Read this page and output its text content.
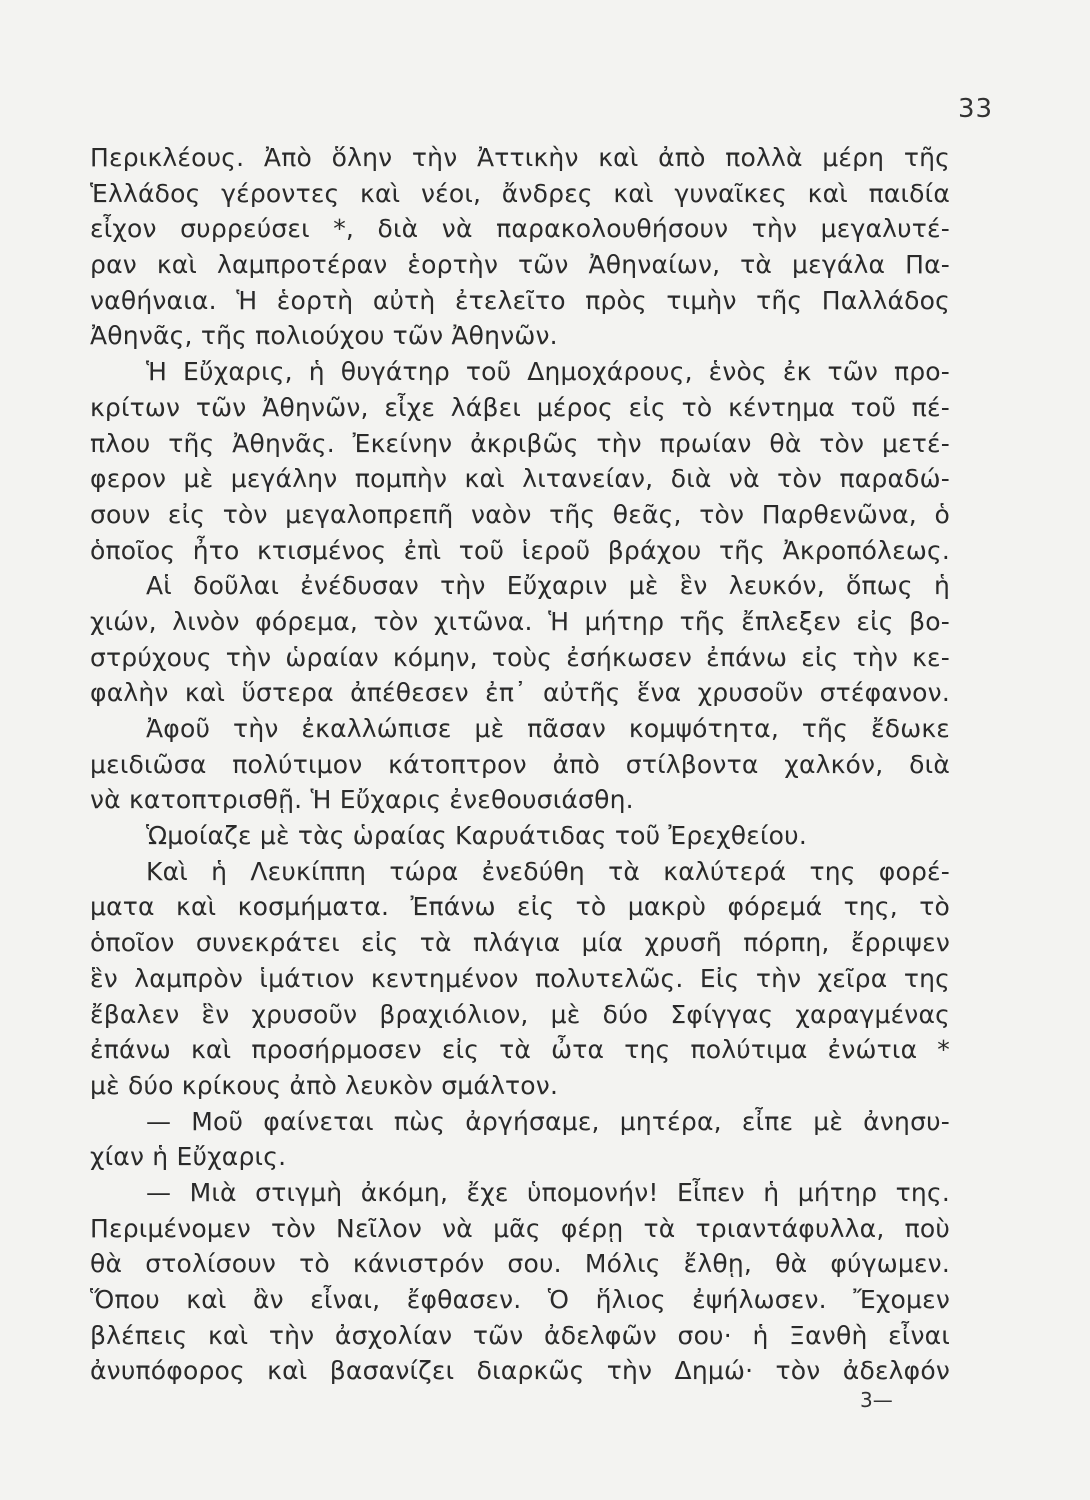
33
Περικλέους. Ἀπὸ ὅλην τὴν Ἀττικὴν καὶ ἀπὸ πολλὰ μέρη τῆς
Ἑλλάδος γέροντες καὶ νέοι, ἄνδρες καὶ γυναῖκες καὶ παιδία
εἶχον συρρεύσει *, διὰ νὰ παρακολουθήσουν τὴν μεγαλυτέ-
ραν καὶ λαμπροτέραν ἑορτὴν τῶν Ἀθηναίων, τὰ μεγάλα Πα-
ναθήναια. Ἡ ἑορτὴ αὐτὴ ἐτελεῖτο πρὸς τιμὴν τῆς Παλλάδος
Ἀθηνᾶς, τῆς πολιούχου τῶν Ἀθηνῶν.
Ἡ Εὔχαρις, ἡ θυγάτηρ τοῦ Δημοχάρους, ἑνὸς ἐκ τῶν προ-
κρίτων τῶν Ἀθηνῶν, εἶχε λάβει μέρος εἰς τὸ κέντημα τοῦ πέ-
πλου τῆς Ἀθηνᾶς. Ἐκείνην ἀκριβῶς τὴν πρωίαν θὰ τὸν μετέ-
φερον μὲ μεγάλην πομπὴν καὶ λιτανείαν, διὰ νὰ τὸν παραδώ-
σουν εἰς τὸν μεγαλοπρεπῆ ναὸν τῆς θεᾶς, τὸν Παρθενῶνα, ὁ
ὁποῖος ἦτο κτισμένος ἐπὶ τοῦ ἱεροῦ βράχου τῆς Ἀκροπόλεως.
Αἱ δοῦλαι ἐνέδυσαν τὴν Εὔχαριν μὲ ἓν λευκόν, ὅπως ἡ
χιών, λινὸν φόρεμα, τὸν χιτῶνα. Ἡ μήτηρ τῆς ἔπλεξεν εἰς βο-
στρύχους τὴν ὡραίαν κόμην, τοὺς ἐσήκωσεν ἐπάνω εἰς τὴν κε-
φαλὴν καὶ ὕστερα ἀπέθεσεν ἐπ᾽ αὐτῆς ἕνα χρυσοῦν στέφανον.
Ἀφοῦ τὴν ἐκαλλώπισε μὲ πᾶσαν κομψότητα, τῆς ἔδωκε
μειδιῶσα πολύτιμον κάτοπτρον ἀπὸ στίλβοντα χαλκόν, διὰ
νὰ κατοπτρισθῇ. Ἡ Εὔχαρις ἐνεθουσιάσθη.
Ὡμοίαζε μὲ τὰς ὡραίας Καρυάτιδας τοῦ Ἐρεχθείου.
Καὶ ἡ Λευκίππη τώρα ἐνεδύθη τὰ καλύτερά της φορέ-
ματα καὶ κοσμήματα. Ἐπάνω εἰς τὸ μακρὺ φόρεμά της, τὸ
ὁποῖον συνεκράτει εἰς τὰ πλάγια μία χρυσῆ πόρπη, ἔρριψεν
ἓν λαμπρὸν ἱμάτιον κεντημένον πολυτελῶς. Εἰς τὴν χεῖρα της
ἔβαλεν ἓν χρυσοῦν βραχιόλιον, μὲ δύο Σφίγγας χαραγμένας
ἐπάνω καὶ προσήρμοσεν εἰς τὰ ὦτα της πολύτιμα ἐνώτια *
μὲ δύο κρίκους ἀπὸ λευκὸν σμάλτον.
— Μοῦ φαίνεται πὼς ἀργήσαμε, μητέρα, εἶπε μὲ ἀνησυ-
χίαν ἡ Εὔχαρις.
— Μιὰ στιγμὴ ἀκόμη, ἔχε ὑπομονήν! Εἶπεν ἡ μήτηρ της.
Περιμένομεν τὸν Νεῖλον νὰ μᾶς φέρῃ τὰ τριαντάφυλλα, ποὺ
θὰ στολίσουν τὸ κάνιστρόν σου. Μόλις ἔλθῃ, θὰ φύγωμεν.
Ὅπου καὶ ἂν εἶναι, ἔφθασεν. Ὁ ἥλιος ἐψήλωσεν. Ἔχομεν
βλέπεις καὶ τὴν ἀσχολίαν τῶν ἀδελφῶν σου· ἡ Ξανθὴ εἶναι
ἀνυπόφορος καὶ βασανίζει διαρκῶς τὴν Δημώ· τὸν ἀδελφόν
3—
